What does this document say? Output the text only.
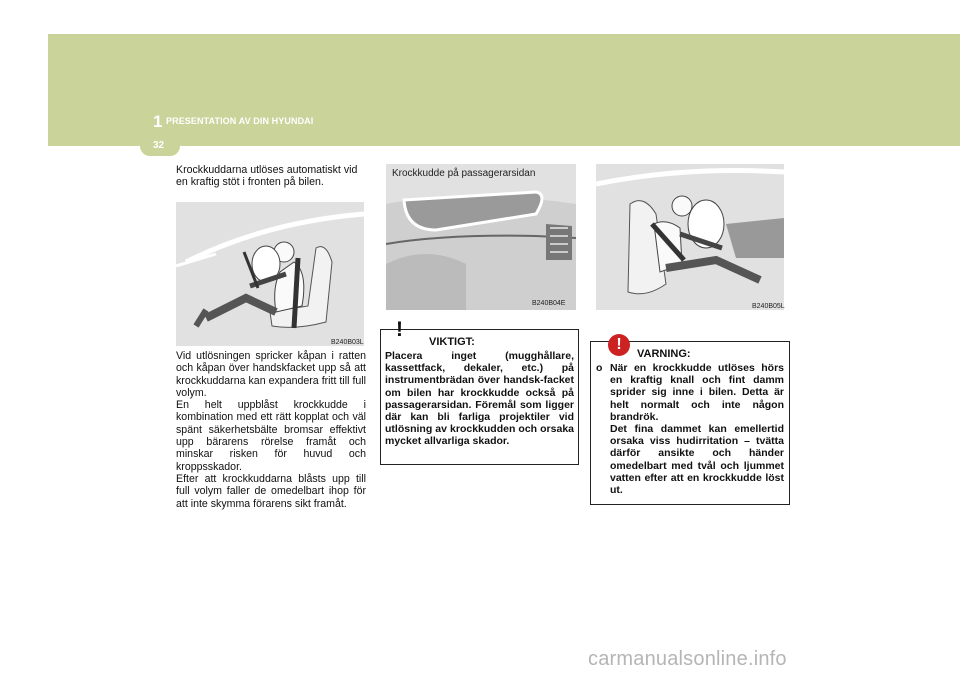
1 PRESENTATION AV DIN HYUNDAI
32
Krockkuddarna utlöses automatiskt vid en kraftig stöt i fronten på bilen.
B240B03L

Vid utlösningen spricker kåpan i ratten och kåpan över handskfacket upp så att krockkuddarna kan expandera fritt till full volym.

En helt uppblåst krockkudde i kombination med ett rätt kopplat och väl spänt säkerhetsbälte bromsar effektivt upp bärarens rörelse framåt och minskar risken för huvud och kroppsskador.

Efter att krockkuddarna blåsts upp till full volym faller de omedelbart ihop för att inte skymma förarens sikt framåt.

Krockkudde på passagerarsidan
B240B04E
!
VIKTIGT:
Placera inget (mugghållare, kassettfack, dekaler, etc.) på instrumentbrädan över handsk-facket om bilen har krockkudde också på passagerarsidan. Föremål som ligger där kan bli farliga projektiler vid utlösning av krockkudden och orsaka mycket allvarliga skador.
B240B05L
!
VARNING:
o När en krockkudde utlöses hörs en kraftig knall och fint damm sprider sig inne i bilen. Detta är helt normalt och inte någon brandrök.
Det fina dammet kan emellertid orsaka viss hudirritation – tvätta därför ansikte och händer omedelbart med tvål och ljummet vatten efter att en krockkudde löst ut.
carmanualsonline.info
